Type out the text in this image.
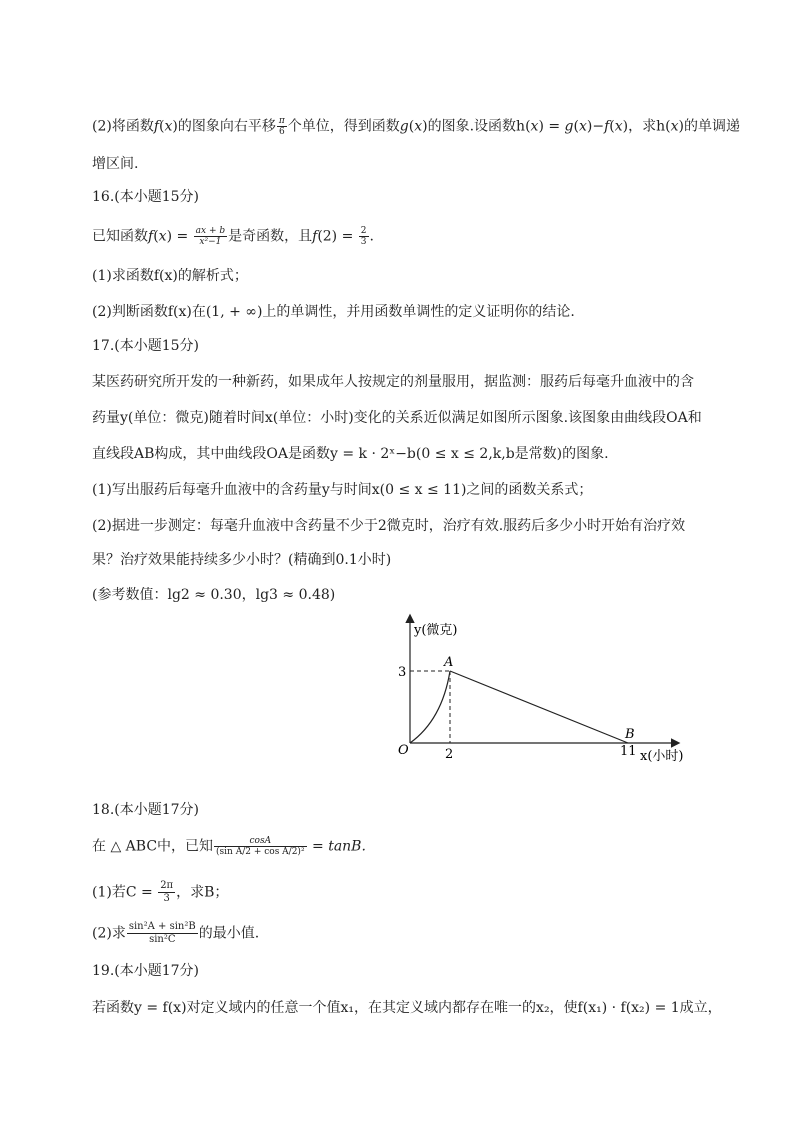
(2)将函数f(x)的图象向右平移 $\frac{\pi}{6}$ 个单位，得到函数g(x)的图象.设函数h(x) = g(x)−f(x)，求h(x)的单调递
增区间.
16.(本小题15分)
已知函数$f(x) = \frac{ax + b}{\text{x²−1}}$ 是奇函数，且$f(2) = \frac{2}{3}$ .
(1)求函数f(x)的解析式；
(2)判断函数f(x)在(1, + ∞)上的单调性，并用函数单调性的定义证明你的结论.
17.(本小题15分)
某医药研究所开发的一种新药，如果成年人按规定的剂量服用，据监测：服药后每毫升血液中的含
药量y(单位：微克)随着时间x(单位：小时)变化的关系近似满足如图所示图象.该图象由曲线段OA和
直线段AB构成，其中曲线段OA是函数y = k · 2ˣ−b(0 ≤ x ≤ 2,k,b是常数)的图象.
(1)写出服药后每毫升血液中的含药量y与时间x(0 ≤ x ≤ 11)之间的函数关系式；
(2)据进一步测定：每毫升血液中含药量不少于2微克时，治疗有效.服药后多少小时开始有治疗效
果？治疗效果能持续多少小时？(精确到0.1小时)
(参考数值：lg2 ≈ 0.30，lg3 ≈ 0.48)
y(微克)
x(小时)
O
A
B
3
2	11
18.(本小题17分)
在 △ ABC中，已知 $\frac{\cos A}{\text{(sin A/2 + cos A/2)²}} = \tan B$.
(1)若$C = \frac{2\pi}{3}$ ，求B；
(2)求 $\frac{\text{sin²A + sin²B}}{\text{sin²C}}$ 的最小值.
19.(本小题17分)
若函数y = f(x)对定义域内的任意一个值x₁，在其定义域内都存在唯一的x₂，使f(x₁) · f(x₂) = 1成立，
